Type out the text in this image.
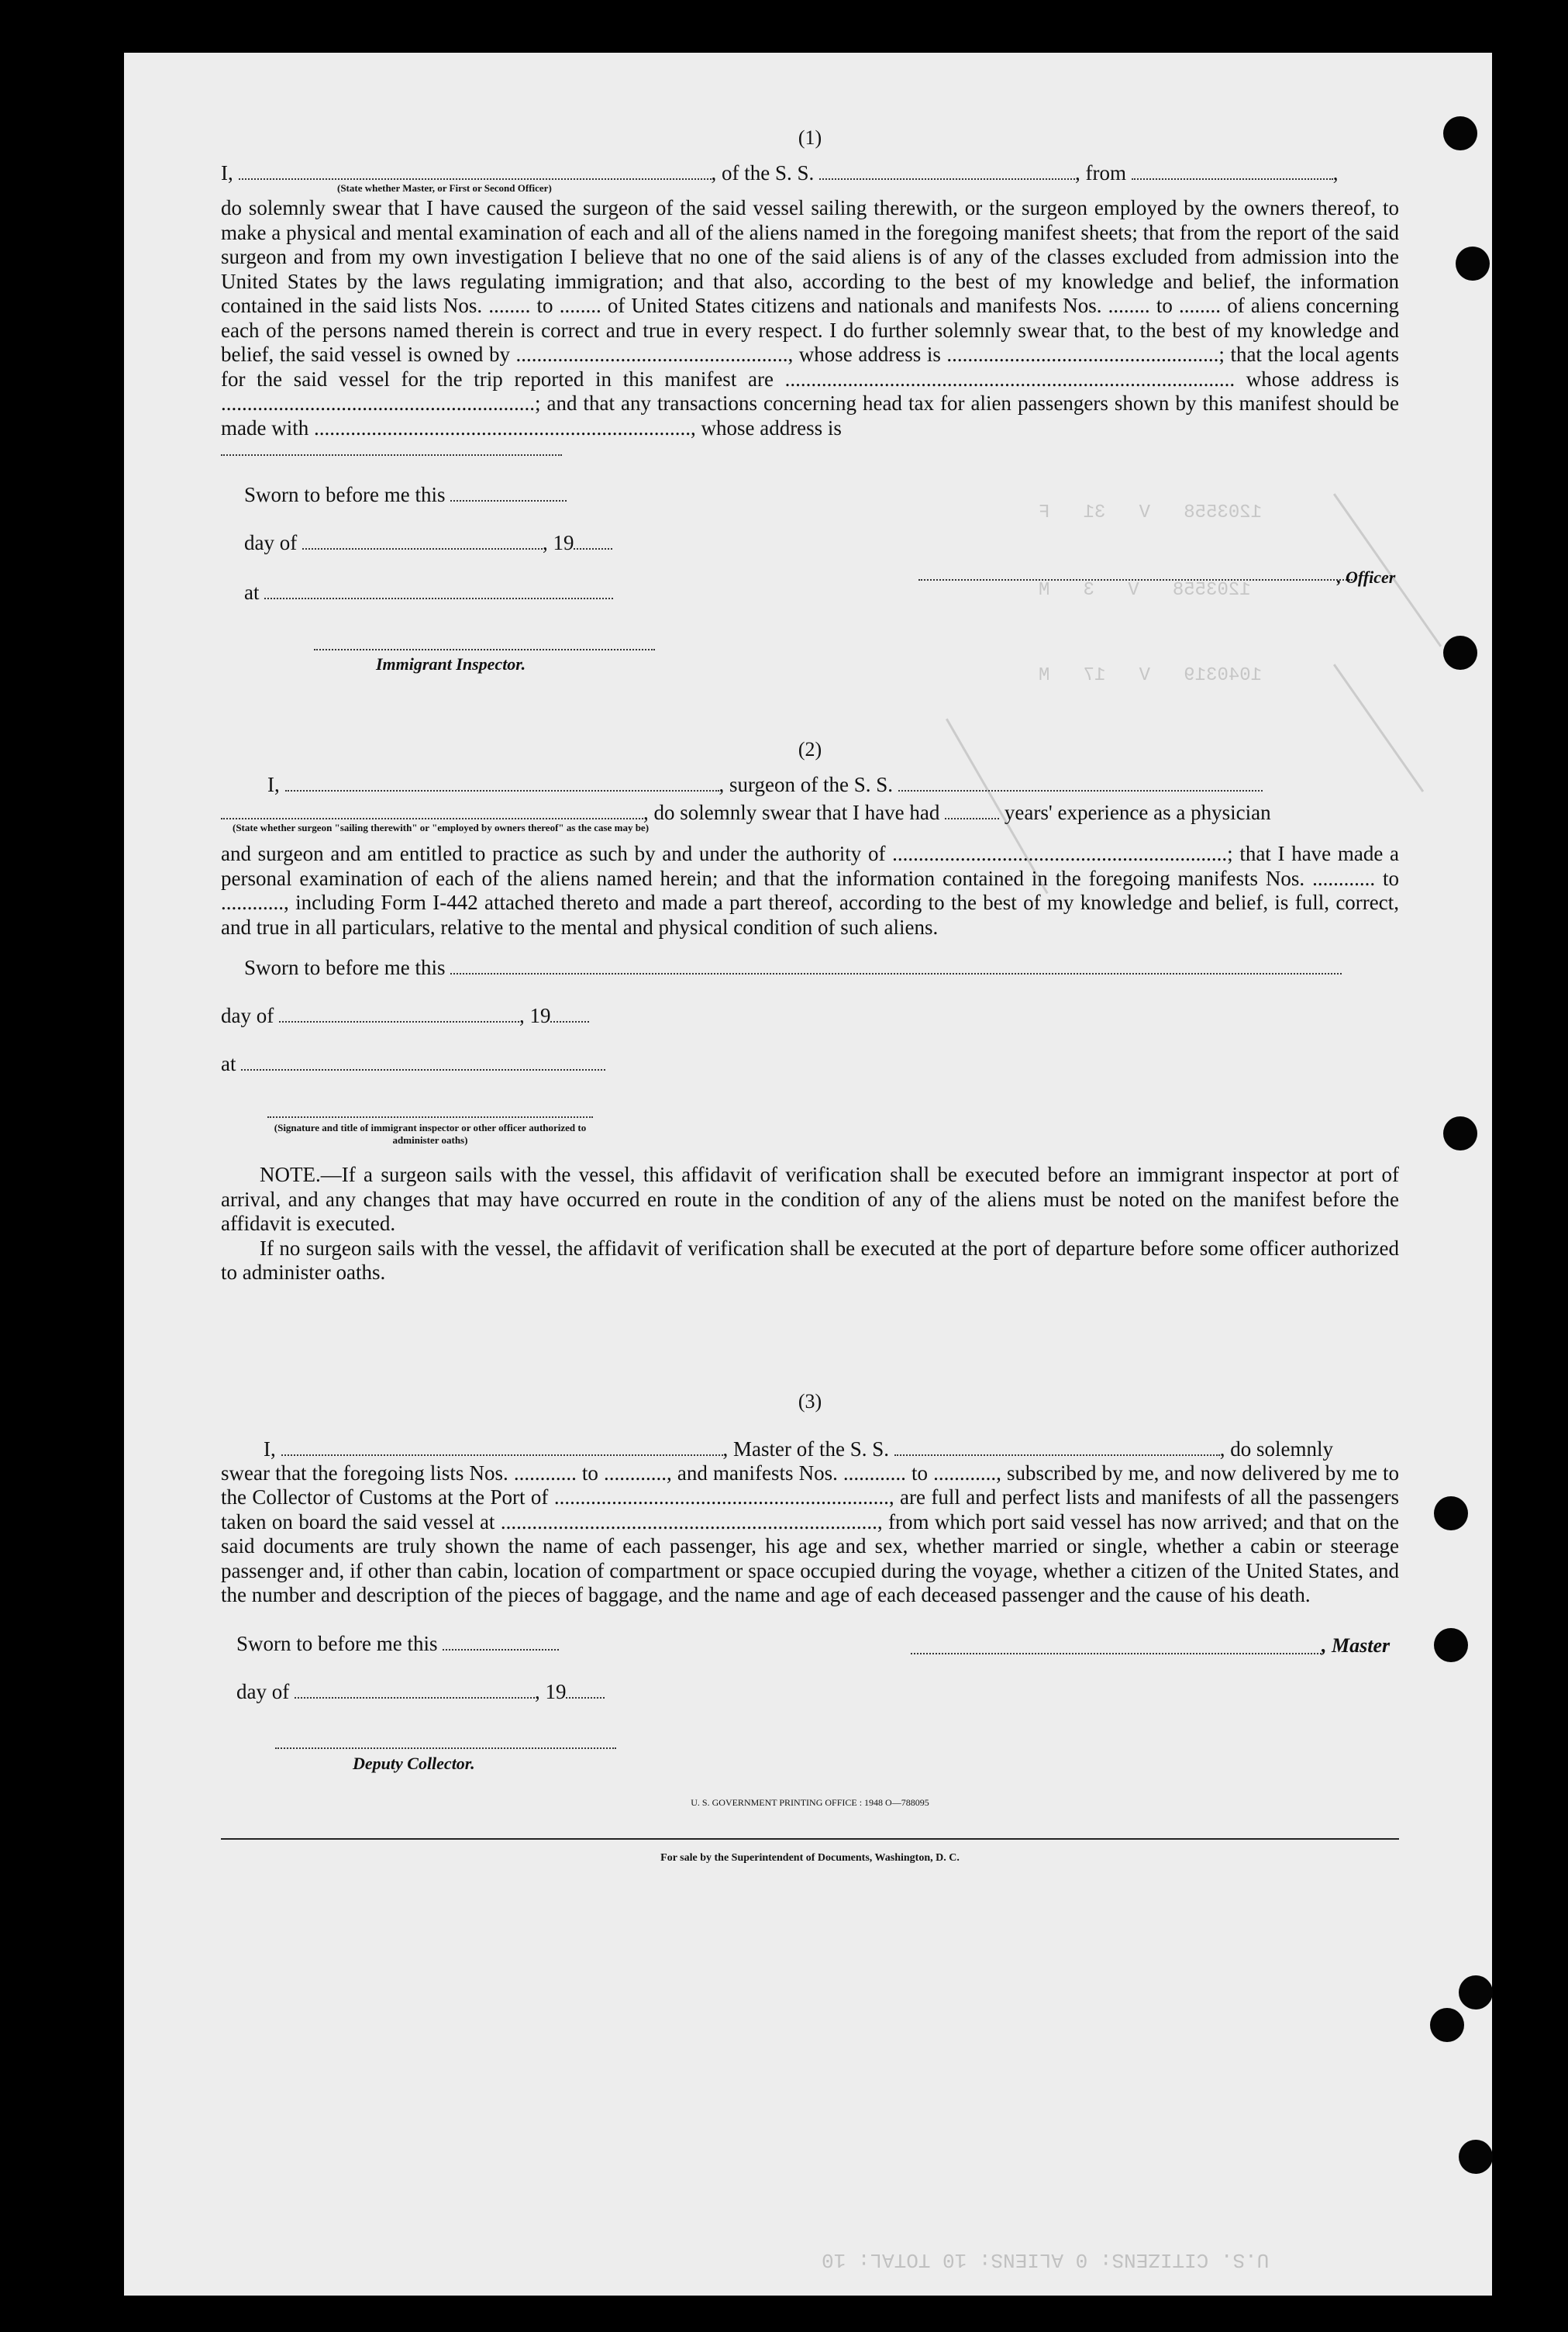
1203558   V   31   F
1203558   V   3   M
1040319   V   17   M

(1)

I,	, of the S. S.	, from	,
(State whether Master, or First or Second Officer)

do solemnly swear that I have caused the surgeon of the said vessel sailing therewith, or the surgeon employed by the owners thereof, to make a physical and mental examination of each and all of the aliens named in the foregoing manifest sheets; that from the report of the said surgeon and from my own investigation I believe that no one of the said aliens is of any of the classes excluded from admission into the United States by the laws regulating immigration; and that also, according to the best of my knowledge and belief, the information contained in the said lists Nos. ........ to ........ of United States citizens and nationals and manifests Nos. ........ to ........ of aliens concerning each of the persons named therein is correct and true in every respect. I do further solemnly swear that, to the best of my knowledge and belief, the said vessel is owned by ...................................................., whose address is ....................................................; that the local agents for the said vessel for the trip reported in this manifest are ...................................................................................... whose address is ............................................................; and that any transactions concerning head tax for alien passengers shown by this manifest should be made with ........................................................................, whose address is

Sworn to before me this
day of	, 19
at
Immigrant Inspector.
, Officer

(2)

I,	, surgeon of the S. S.
, do solemnly swear that I have had	years' experience as a physician
(State whether surgeon "sailing therewith" or "employed by owners thereof" as the case may be)

and surgeon and am entitled to practice as such by and under the authority of ................................................................; that I have made a personal examination of each of the aliens named herein; and that the information contained in the foregoing manifests Nos. ............ to ............, including Form I-442 attached thereto and made a part thereof, according to the best of my knowledge and belief, is full, correct, and true in all particulars, relative to the mental and physical condition of such aliens.

Sworn to before me this
day of	, 19
at
(Signature and title of immigrant inspector or other officer authorized to administer oaths)

NOTE.—If a surgeon sails with the vessel, this affidavit of verification shall be executed before an immigrant inspector at port of arrival, and any changes that may have occurred en route in the condition of any of the aliens must be noted on the manifest before the affidavit is executed.

If no surgeon sails with the vessel, the affidavit of verification shall be executed at the port of departure before some officer authorized to administer oaths.

(3)

I,	, Master of the S. S.	, do solemnly

swear that the foregoing lists Nos. ............ to ............, and manifests Nos. ............ to ............, subscribed by me, and now delivered by me to the Collector of Customs at the Port of ................................................................, are full and perfect lists and manifests of all the passengers taken on board the said vessel at ........................................................................, from which port said vessel has now arrived; and that on the said documents are truly shown the name of each passenger, his age and sex, whether married or single, whether a cabin or steerage passenger and, if other than cabin, location of compartment or space occupied during the voyage, whether a citizen of the United States, and the number and description of the pieces of baggage, and the name and age of each deceased passenger and the cause of his death.

Sworn to before me this	, Master
day of	, 19
Deputy Collector.
U. S. GOVERNMENT PRINTING OFFICE : 1948 O—788095
For sale by the Superintendent of Documents, Washington, D. C.
U.S. CITIZENS: 0 ALIENS: 10 TOTAL: 10
